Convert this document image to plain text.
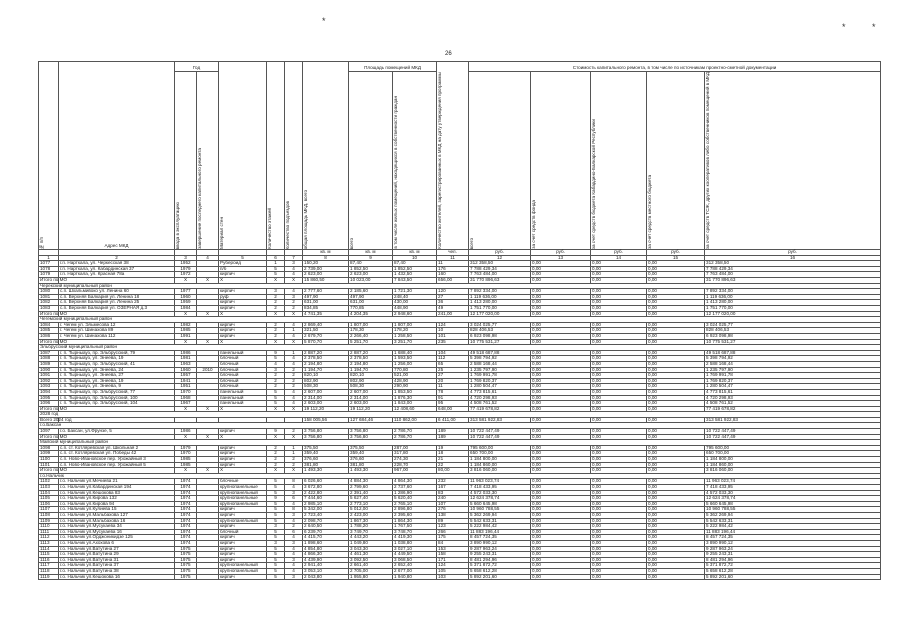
*
*	*
26
№ п/п	Адрес МКД	Год		Материал стен	Количество этажей	Количество подъездов	общая площадь МКД, всего	Площадь помещений МКД		Количество жителей, зарегистрированных в МКД на дату утверждения программы	Стоимость капитального ремонта, в том числе по источникам проектно-сметной документации				

		ввода в эксплуатацию	завершение последнего капитального ремонта					всего	в том числе жилых помещений, находящихся в собственности граждан		всего	за счет средств фонда	за счет средств бюджета Кабардино-Балкарской Республики	за счет средств местного бюджета	за счет средств ТСЖ, других кооперативов либо собственников помещений в МКД

							кв. м	кв. м	кв. м	чел.	руб.	руб.	руб.	руб.	руб.
1	2	3	4	5	6	7	8	9	10	11	12	13	14	15	16
1077	г.п. Нарткала, ул. Черкесская 38	1952		Рубероид	1	3	150,20	87,40	87,40	11	312 358,50	0,00	0,00	0,00	312 358,50
1078	г.п. Нарткала, ул. Кабардинская 37	1979		п/б	5	4	2 739,00	1 852,50	1 852,50	176	7 788 429,34	0,00	0,00	0,00	7 788 429,34
1079	г.п. Нарткала, ул. Красная 78а	1972		кирпич	5	4	2 623,00	2 623,00	1 432,50	160	7 763 484,00	0,00	0,00	0,00	7 763 484,00
Итого по МО		Х	Х	Х	Х	Х	15 860,50	10 023,00	7 843,50	656,00	31 770 896,63	0,00	0,00	0,00	31 770 896,63
Черекский муниципальный район															
1080	с.п. Шхальмивоко ул. Ленина 60	1977		кирпич	3	4	2 777,60	2 185,60	1 721,30	120	7 892 334,00	0,00	0,00	0,00	7 892 334,00
1081	с.п. Верхняя Балкария ул. Ленина 18	1960		руф	2	3	497,90	497,90	248,40	27	1 119 636,00	0,00	0,00	0,00	1 119 636,00
1082	с.п. Верхняя Балкария ул. Ленина 25	1959		кирпич	2	2	631,00	631,00	430,00	36	1 413 280,00	0,00	0,00	0,00	1 413 280,00
1083	с.п. Верхняя Балкария ул. ОЗЕРНАЯ д.3	1984		кирпич	2	2	834,85	770,85	448,90	49	1 751 770,00	0,00	0,00	0,00	1 751 770,00
Итого по МО		Х	Х	Х	Х	Х	4 741,35	4 204,35	2 948,60	241,00	12 177 020,00	0,00	0,00	0,00	12 177 020,00
Чегемский муниципальный район															
1084	г. Чегем ул. Эльмесова 12	1982		кирпич	2	4	2 869,40	1 807,00	1 807,00	124	3 024 025,77	0,00	0,00	0,00	3 024 025,77
1085	г. Чегем ул. Шинахова 89	1985		кирпич	2	1	321,50	178,30	178,20	10	828 406,53	0,00	0,00	0,00	828 406,53
1086	г. Чегем ул. Шинахова 112	1991		кирпич	2	4	2 679,70	2 266,40	1 258,50	101	6 923 098,98	0,00	0,00	0,00	6 923 098,98
Итого по МО		Х	Х	Х	Х	Х	5 870,70	5 251,70	3 251,70	235	10 775 531,27	0,00	0,00	0,00	10 775 531,27
Эльбрусский муниципальный район															
1087	г. п. Тырныауз, пр. Эльбрусский, 79	1986		панельный	9	1	2 887,20	2 887,20	1 688,40	104	49 518 687,88	0,00	0,00	0,00	49 518 687,88
1088	г. п. Тырныауз, ул. Энеева, 19	1981		блочный	5	4	2 378,50	2 378,50	1 593,50	112	5 398 794,92	0,00	0,00	0,00	5 398 794,92
1089	г. п. Тырныауз, пр. Эльбрусский, 41	1963		блочный	4	4	2 194,80	2 194,80	1 256,00	65	2 588 168,44	0,00	0,00	0,00	2 588 168,44
1090	г. п. Тырныауз, ул. Энеева, 24	1960	2010	блочный	3	2	1 194,70	1 194,70	770,80	25	1 235 797,90	0,00	0,00	0,00	1 235 797,90
1091	г. п. Тырныауз, ул. Энеева, 27	1957		блочный	2	2	820,10	820,10	521,00	27	1 769 991,78	0,00	0,00	0,00	1 769 991,78
1092	г. п. Тырныауз, ул. Энеева, 19	1941		блочный	2	2	802,90	802,90	428,90	20	1 769 820,37	0,00	0,00	0,00	1 769 820,37
1093	г. п. Тырныауз, ул. Энеева, 9	1951		блочный	2	2	508,30	508,30	290,90	11	1 280 504,47	0,00	0,00	0,00	1 280 504,47
1094	г. п. Тырныауз, пр. Эльбрусский, 77	1970		панельный	5	4	2 607,00	2 607,00	1 853,50	78	4 773 815,61	0,00	0,00	0,00	4 773 815,61
1095	г. п. Тырныауз, пр. Эльбрусский, 100	1968		панельный	5	4	2 314,00	2 314,00	1 876,30	91	4 720 298,93	0,00	0,00	0,00	4 720 298,93
1096	г. п. Тырныауз, пр. Эльбрусский, 104	1967		панельный	5	4	2 603,00	2 603,00	1 843,00	95	4 508 761,52	0,00	0,00	0,00	4 508 761,52
Итого по МО		Х	Х	Х	Х	Х	19 112,20	19 112,20	12 408,60	648,00	77 419 678,82	0,00	0,00	0,00	77 419 678,82
2028 год															
Всего 2024 год							158 005,56	127 684,46	110 862,00	6 411,00	313 581 922,83	0,00	0,00	0,00	313 581 922,83
г.о.Баксан															
1097	г.о. Баксан, ул.Фрунзе, 5	1986		кирпич	9	2	3 756,80	3 756,80	2 786,70	189	10 722 447,49	0,00	0,00	0,00	10 722 447,49
Итого по МО		Х	Х	Х	Х	Х	3 756,80	3 756,80	2 786,70	189	10 722 447,49	0,00	0,00	0,00	10 722 447,49
Майский муниципальный район															
1098	с.п. ст. Котляревская ул. Школьная 2	1979		кирпич	2	1	375,50	375,50	287,00	19	795 600,00	0,00	0,00	0,00	795 600,00
1099	с.п. ст. Котляревская ул. Победы 42	1970		кирпич	2	1	359,40	359,40	317,80	18	650 700,00	0,00	0,00	0,00	650 700,00
1100	с.п. Ново-Ивановское пер. Урожайный 3	1985		кирпич	2	2	376,60	376,60	274,30	21	1 184 800,00	0,00	0,00	0,00	1 184 800,00
1101	с.п. Ново-Ивановское пер. Урожайный 5	1985		кирпич	2	2	381,80	381,80	228,70	22	1 184 860,00	0,00	0,00	0,00	1 184 860,00
Итого по МО		Х	Х	Х	Х	Х	1 493,30	1 493,30	967,00	80,00	3 816 060,00	0,00	0,00	0,00	3 816 060,00
г.о.Нальчик															
1102	г.о. Нальчик ул.Мечиева 21	1974		блочные	5	8	6 026,60	4 884,30	4 864,30	232	11 963 023,74	0,00	0,00	0,00	11 963 023,74
1103	г.о. Нальчик ул.Кабардинская 194	1974		крупнопанельные	5	4	3 672,80	2 799,60	2 737,60	167	7 418 433,95	0,00	0,00	0,00	7 418 433,95
1104	г.о. Нальчик ул.Кешокова 83	1974		крупнопанельный	5	3	2 422,80	2 391,40	1 286,90	83	4 572 033,30	0,00	0,00	0,00	4 572 033,30
1105	г.о. Нальчик ул.Кирова 132	1974		крупнопанельные	9	6	7 444,60	5 627,40	5 620,40	240	12 624 378,74	0,00	0,00	0,00	12 624 378,74
1106	г.о. Нальчик ул.Кирова 94	1974		крупнопанельный	5	4	2 985,10	2 773,10	2 765,10	107	5 660 645,98	0,00	0,00	0,00	5 660 645,98
1107	г.о. Нальчик ул.Кулиева 15	1974		кирпич	5	8	5 342,00	5 012,00	2 896,80	276	10 960 788,55	0,00	0,00	0,00	10 960 788,55
1108	г.о. Нальчик ул.Мальбахова 127	1974		кирпич	5	3	2 723,40	2 423,00	2 395,60	138	5 362 269,94	0,00	0,00	0,00	5 362 269,94
1109	г.о. Нальчик ул.Мальбахова 16	1974		крупнопанельный	5	4	2 098,70	1 867,30	1 864,30	89	5 542 633,31	0,00	0,00	0,00	5 542 633,31
1110	г.о. Нальчик ул.Мусукаева 34	1974		кирпич	3	2	2 640,50	1 788,20	1 767,50	123	5 222 984,42	0,00	0,00	0,00	5 222 984,42
1111	г.о. Нальчик ул.Мусукаева 16	1974		блочный	5	6	6 239,70	3 749,70	3 748,70	266	11 883 196,44	0,00	0,00	0,00	11 883 196,44
1112	г.о. Нальчик ул.Орджоникидзе 125	1974		кирпич	5	4	4 415,70	4 443,20	4 419,30	175	8 457 724,35	0,00	0,00	0,00	8 457 724,35
1113	г.о. Нальчик ул.Ахохова 6	1974		кирпич	3	3	1 898,60	1 049,80	1 038,80	84	3 890 990,12	0,00	0,00	0,00	3 890 990,12
1114	г.о. Нальчик ул.Ватутина 27	1975		кирпич	5	4	4 854,80	3 043,30	3 027,10	153	9 287 963,24	0,00	0,00	0,00	9 287 963,24
1115	г.о. Нальчик ул.Ватутина 29	1975		кирпич	5	4	4 866,30	4 461,30	4 449,50	158	9 255 243,31	0,00	0,00	0,00	9 255 243,31
1116	г.о. Нальчик ул.Ватутина 31	1975		кирпич	5	3	4 439,90	3 092,50	3 068,50	171	8 481 294,96	0,00	0,00	0,00	8 481 294,96
1117	г.о. Нальчик ул.Ватутина 37	1975		крупнопанельный	5	4	2 941,40	2 661,40	2 652,40	124	5 371 872,72	0,00	0,00	0,00	5 371 872,72
1118	г.о. Нальчик ул.Ватутина 38	1975		крупнопанельный	5	4	3 053,10	2 705,00	2 677,00	105	5 658 612,28	0,00	0,00	0,00	5 658 612,28
1119	г.о. Нальчик ул.Кешокова 16	1975		кирпич	5	3	2 043,80	1 955,80	1 940,80	103	5 892 201,60	0,00	0,00	0,00	5 892 201,60
